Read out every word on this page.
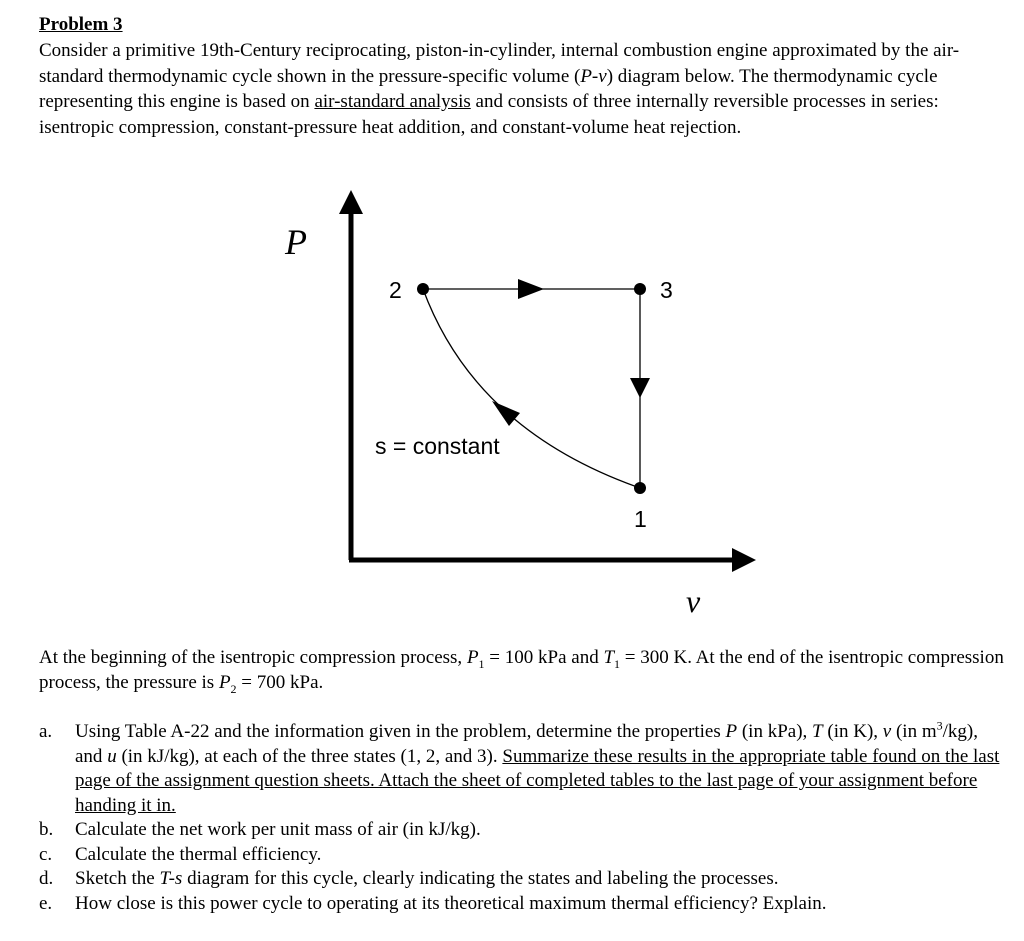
Problem 3
Consider a primitive 19th-Century reciprocating, piston-in-cylinder, internal combustion engine approximated by the air-standard thermodynamic cycle shown in the pressure-specific volume (P-v) diagram below. The thermodynamic cycle representing this engine is based on air-standard analysis and consists of three internally reversible processes in series: isentropic compression, constant-pressure heat addition, and constant-volume heat rejection.
P
v
2	3
1
s = constant
At the beginning of the isentropic compression process, $P_1 = 100$ kPa and $T_1 = 300$ K. At the end of the isentropic compression process, the pressure is $P_2 = 700$ kPa.
a. Using Table A-22 and the information given in the problem, determine the properties P (in kPa), T (in K), v (in $m^3/kg$), and u (in kJ/kg), at each of the three states (1, 2, and 3). Summarize these results in the appropriate table found on the last page of the assignment question sheets. Attach the sheet of completed tables to the last page of your assignment before handing it in.
b. Calculate the net work per unit mass of air (in kJ/kg).
c. Calculate the thermal efficiency.
d. Sketch the T-s diagram for this cycle, clearly indicating the states and labeling the processes.
e. How close is this power cycle to operating at its theoretical maximum thermal efficiency? Explain.
